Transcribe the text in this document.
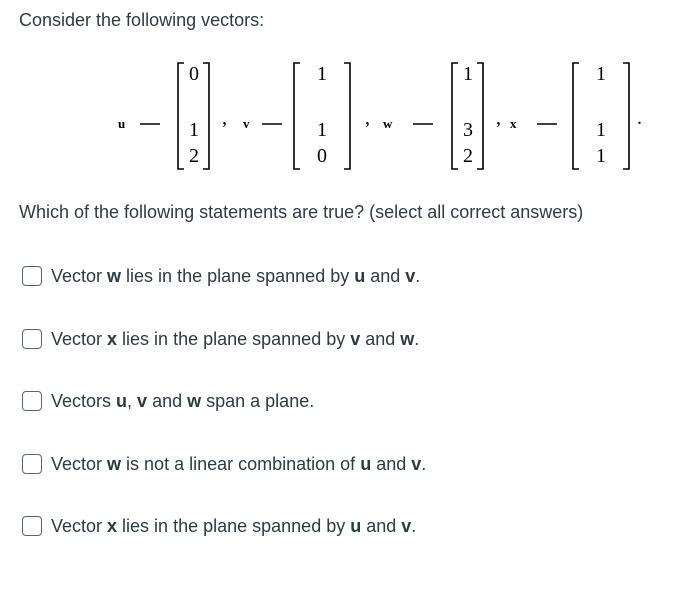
Consider the following vectors:
u	v	w	x
0
1
2
1
1
0
1
3
2
1
1
1
,	,	,	.
Which of the following statements are true? (select all correct answers)
Vector w lies in the plane spanned by u and v.
Vector x lies in the plane spanned by v and w.
Vectors u, v and w span a plane.
Vector w is not a linear combination of u and v.
Vector x lies in the plane spanned by u and v.
